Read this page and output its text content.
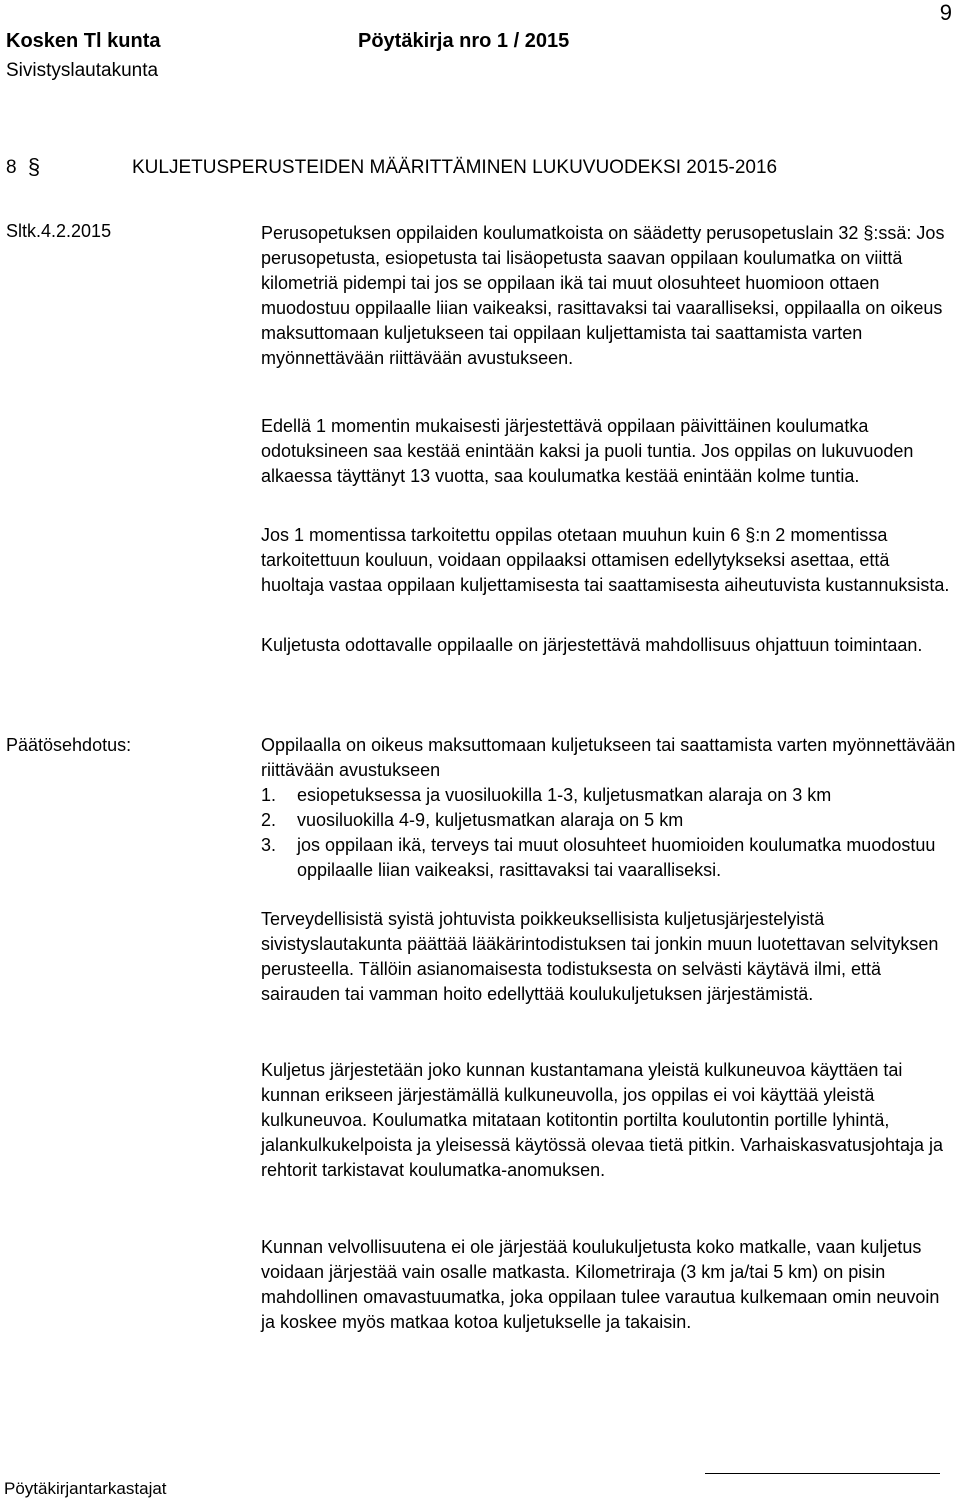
9
Kosken Tl kunta	Pöytäkirja nro 1 / 2015
Sivistyslautakunta
8 §	KULJETUSPERUSTEIDEN MÄÄRITTÄMINEN LUKUVUODEKSI 2015-2016
Sltk.4.2.2015	Perusopetuksen oppilaiden koulumatkoista on säädetty perusopetuslain 32 §:ssä: Jos perusopetusta, esiopetusta tai lisäopetusta saavan oppilaan koulumatka on viittä kilometriä pidempi tai jos se oppilaan ikä tai muut olosuhteet huomioon ottaen muodostuu oppilaalle liian vaikeaksi, rasittavaksi tai vaaralliseksi, oppilaalla on oikeus maksuttomaan kuljetukseen tai oppilaan kuljettamista tai saattamista varten myönnettävään riittävään avustukseen.

Edellä 1 momentin mukaisesti järjestettävä oppilaan päivittäinen koulumatka odotuksineen saa kestää enintään kaksi ja puoli tuntia. Jos oppilas on lukuvuoden alkaessa täyttänyt 13 vuotta, saa koulumatka kestää enintään kolme tuntia.

Jos 1 momentissa tarkoitettu oppilas otetaan muuhun kuin 6 §:n 2 momentissa tarkoitettuun kouluun, voidaan oppilaaksi ottamisen edellytykseksi asettaa, että huoltaja vastaa oppilaan kuljettamisesta tai saattamisesta aiheutuvista kustannuksista.

Kuljetusta odottavalle oppilaalle on järjestettävä mahdollisuus ohjattuun toimintaan.

Päätösehdotus:	Oppilaalla on oikeus maksuttomaan kuljetukseen tai saattamista varten myönnettävään riittävään avustukseen

1. esiopetuksessa ja vuosiluokilla 1-3, kuljetusmatkan alaraja on 3 km
2. vuosiluokilla 4-9, kuljetusmatkan alaraja on 5 km
3. jos oppilaan ikä, terveys tai muut olosuhteet huomioiden koulumatka muodostuu oppilaalle liian vaikeaksi, rasittavaksi tai vaaralliseksi.

Terveydellisistä syistä johtuvista poikkeuksellisista kuljetusjärjestelyistä sivistyslautakunta päättää lääkärintodistuksen tai jonkin muun luotettavan selvityksen perusteella. Tällöin asianomaisesta todistuksesta on selvästi käytävä ilmi, että sairauden tai vamman hoito edellyttää koulukuljetuksen järjestämistä.

Kuljetus järjestetään joko kunnan kustantamana yleistä kulkuneuvoa käyttäen tai kunnan erikseen järjestämällä kulkuneuvolla, jos oppilas ei voi käyttää yleistä kulkuneuvoa. Koulumatka mitataan kotitontin portilta koulutontin portille lyhintä, jalankulkukelpoista ja yleisessä käytössä olevaa tietä pitkin. Varhaiskasvatusjohtaja ja rehtorit tarkistavat koulumatka-anomuksen.

Kunnan velvollisuutena ei ole järjestää koulukuljetusta koko matkalle, vaan kuljetus voidaan järjestää vain osalle matkasta. Kilometriraja (3 km ja/tai 5 km) on pisin mahdollinen omavastuumatka, joka oppilaan tulee varautua kulkemaan omin neuvoin ja koskee myös matkaa kotoa kuljetukselle ja takaisin.

Pöytäkirjantarkastajat
